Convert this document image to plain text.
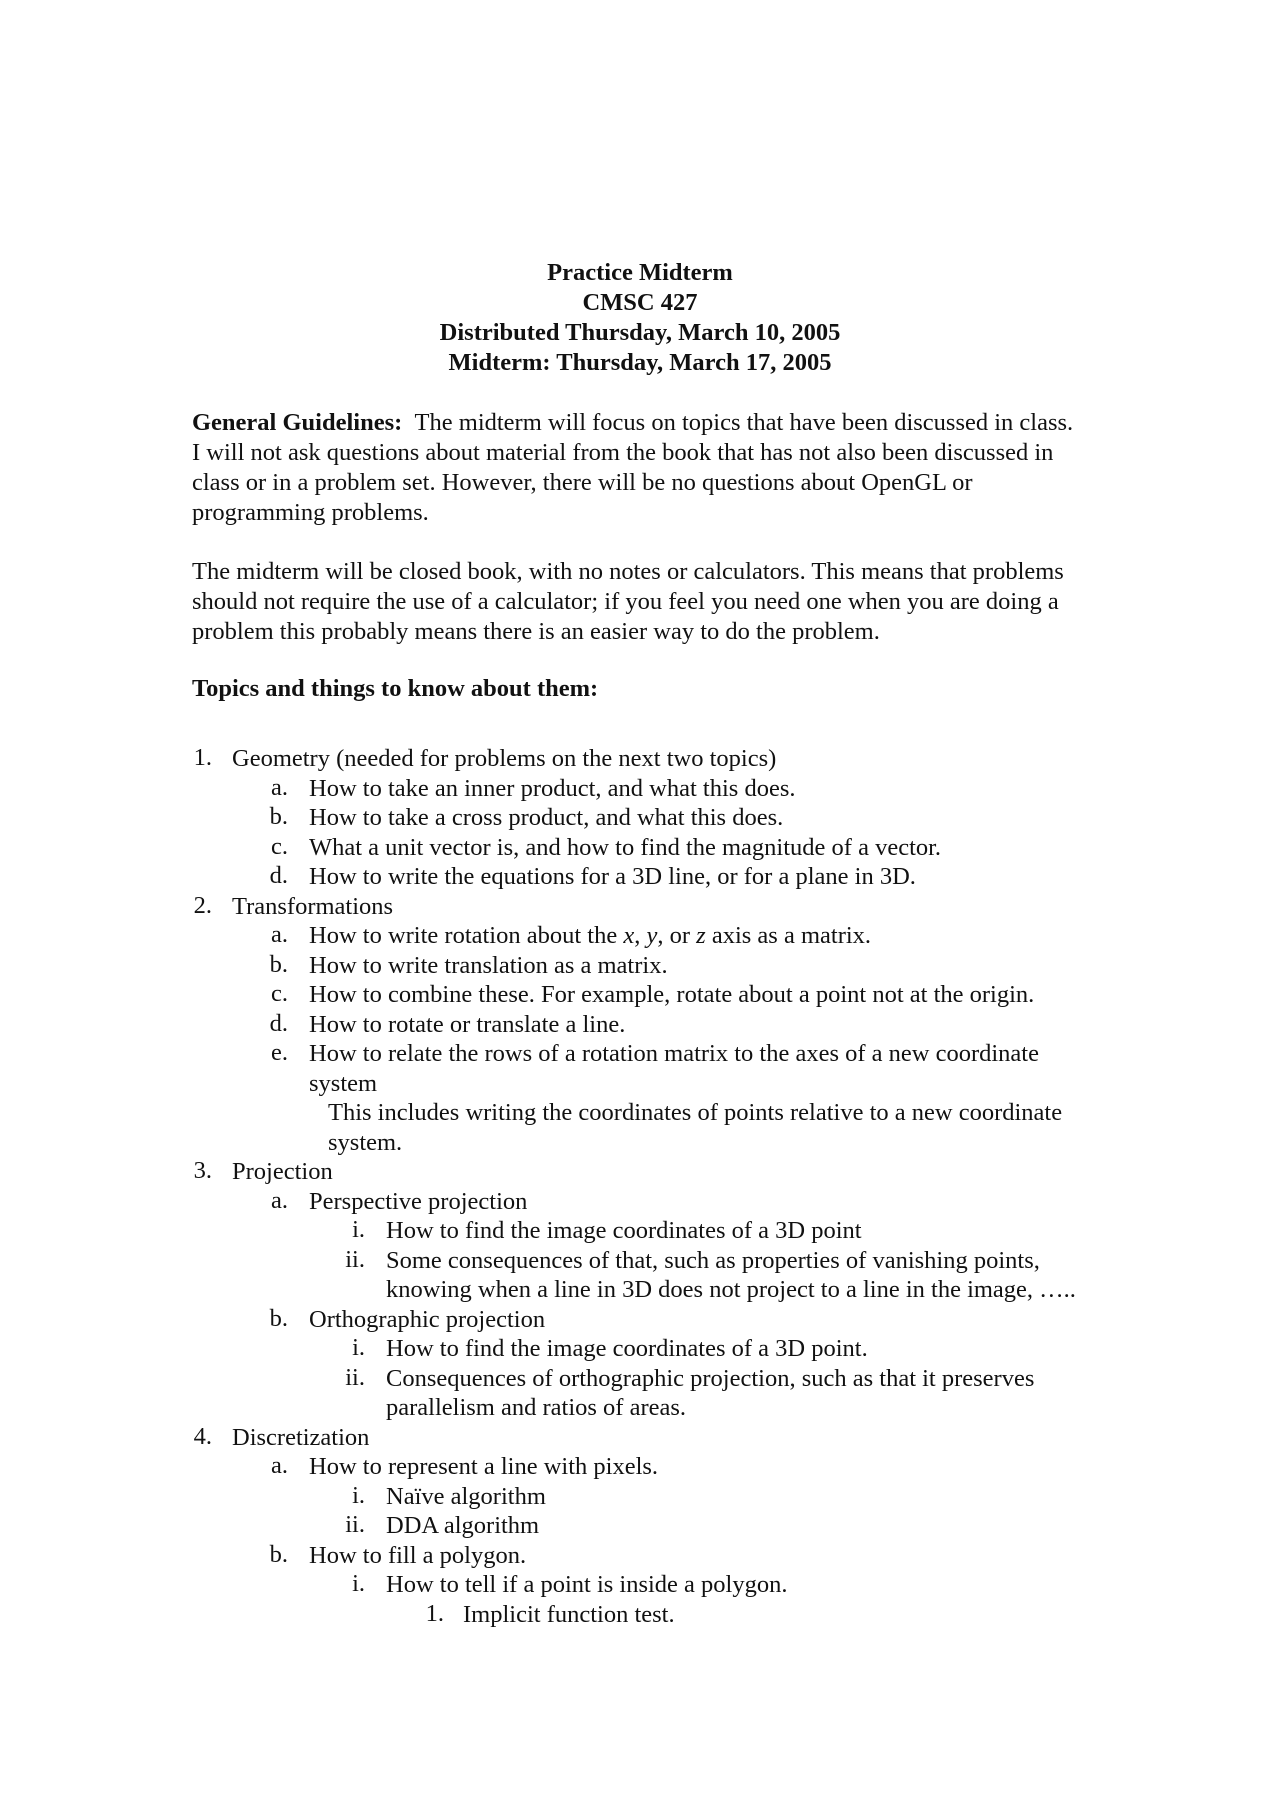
Practice Midterm
CMSC 427
Distributed Thursday, March 10, 2005
Midterm: Thursday, March 17, 2005
General Guidelines: The midterm will focus on topics that have been discussed in class.
I will not ask questions about material from the book that has not also been discussed in
class or in a problem set. However, there will be no questions about OpenGL or
programming problems.
The midterm will be closed book, with no notes or calculators. This means that problems
should not require the use of a calculator; if you feel you need one when you are doing a
problem this probably means there is an easier way to do the problem.
Topics and things to know about them:
1. Geometry (needed for problems on the next two topics)
a. How to take an inner product, and what this does.
b. How to take a cross product, and what this does.
c. What a unit vector is, and how to find the magnitude of a vector.
d. How to write the equations for a 3D line, or for a plane in 3D.
2. Transformations
a. How to write rotation about the x, y, or z axis as a matrix.
b. How to write translation as a matrix.
c. How to combine these. For example, rotate about a point not at the origin.
d. How to rotate or translate a line.
e. How to relate the rows of a rotation matrix to the axes of a new coordinate
system
This includes writing the coordinates of points relative to a new coordinate
system.
3. Projection
a. Perspective projection
i. How to find the image coordinates of a 3D point
ii. Some consequences of that, such as properties of vanishing points,
knowing when a line in 3D does not project to a line in the image, …..
b. Orthographic projection
i. How to find the image coordinates of a 3D point.
ii. Consequences of orthographic projection, such as that it preserves
parallelism and ratios of areas.
4. Discretization
a. How to represent a line with pixels.
i. Naïve algorithm
ii. DDA algorithm
b. How to fill a polygon.
i. How to tell if a point is inside a polygon.
1. Implicit function test.
